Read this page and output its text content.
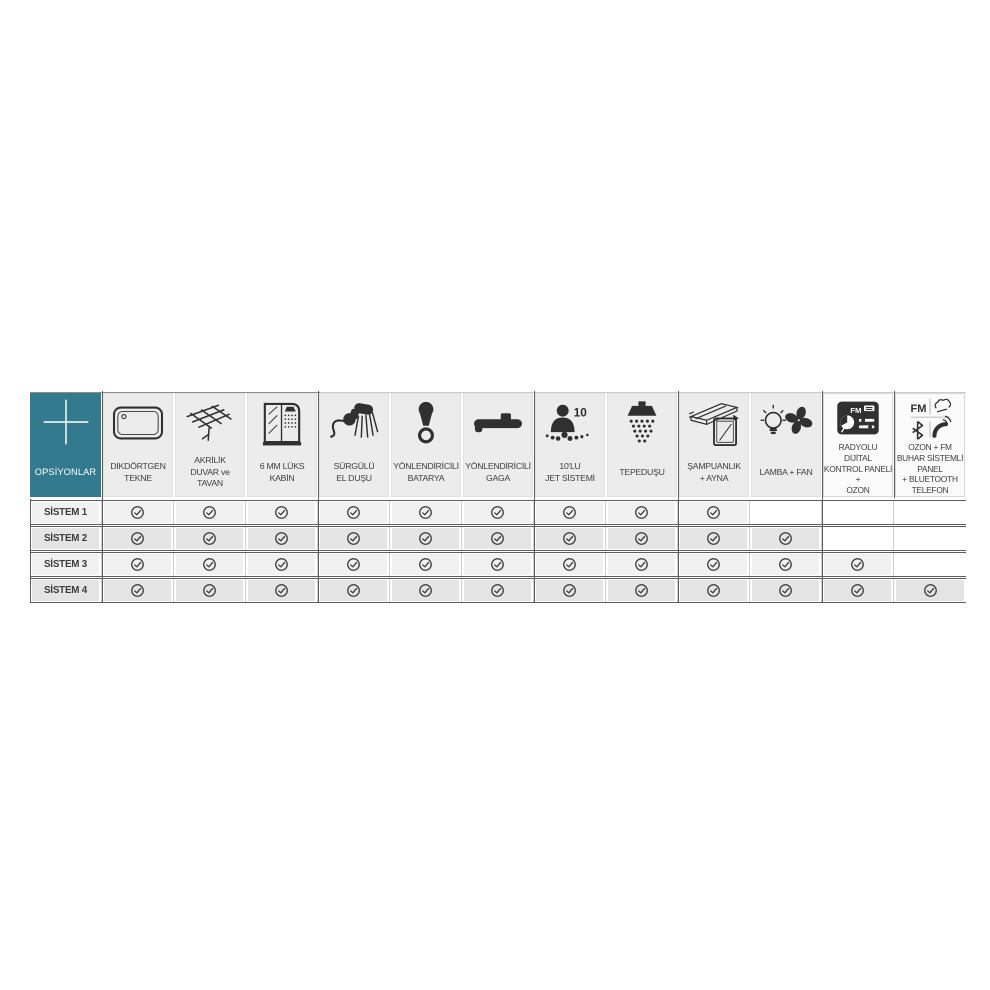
OPSİYONLAR
DİKDÖRTGEN
TEKNE
AKRİLİK
DUVAR ve
TAVAN
6 MM LÜKS
KABİN
SÜRGÜLÜ
EL DUŞU
YÖNLENDİRİCİLİ
BATARYA
YÖNLENDİRİCİLİ
GAGA
10
10'LU
JET SİSTEMİ
TEPEDUŞU
ŞAMPUANLIK
+ AYNA
LAMBA + FAN
FM
RADYOLU
DİJİTAL
KONTROL PANELİ
+
OZON
FM
OZON + FM
BUHAR SİSTEMLİ
PANEL
+ BLUETOOTH
TELEFON
SİSTEM 1
SİSTEM 2
SİSTEM 3
SİSTEM 4
